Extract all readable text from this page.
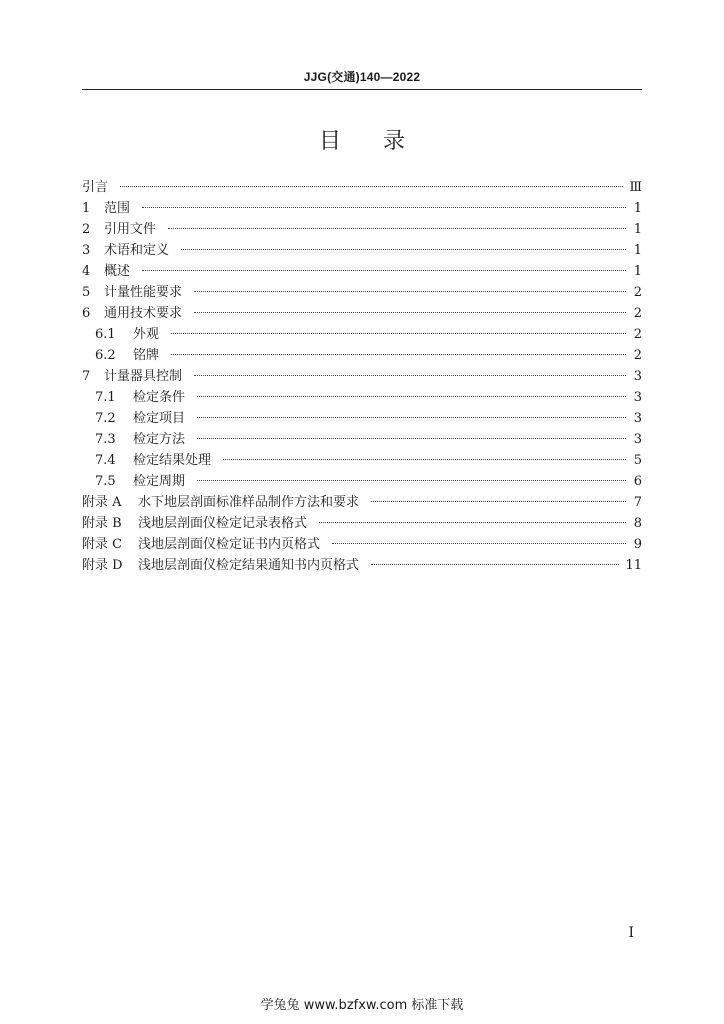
JJG(交通)140—2022
目录
引言	Ⅲ
1	范围	1
2	引用文件	1
3	术语和定义	1
4	概述	1
5	计量性能要求	2
6	通用技术要求	2
6.1	外观	2
6.2	铭牌	2
7	计量器具控制	3
7.1	检定条件	3
7.2	检定项目	3
7.3	检定方法	3
7.4	检定结果处理	5
7.5	检定周期	6
附录 A	水下地层剖面标准样品制作方法和要求	7
附录 B	浅地层剖面仪检定记录表格式	8
附录 C	浅地层剖面仪检定证书内页格式	9
附录 D	浅地层剖面仪检定结果通知书内页格式	11
I
学兔兔 www.bzfxw.com 标准下载
